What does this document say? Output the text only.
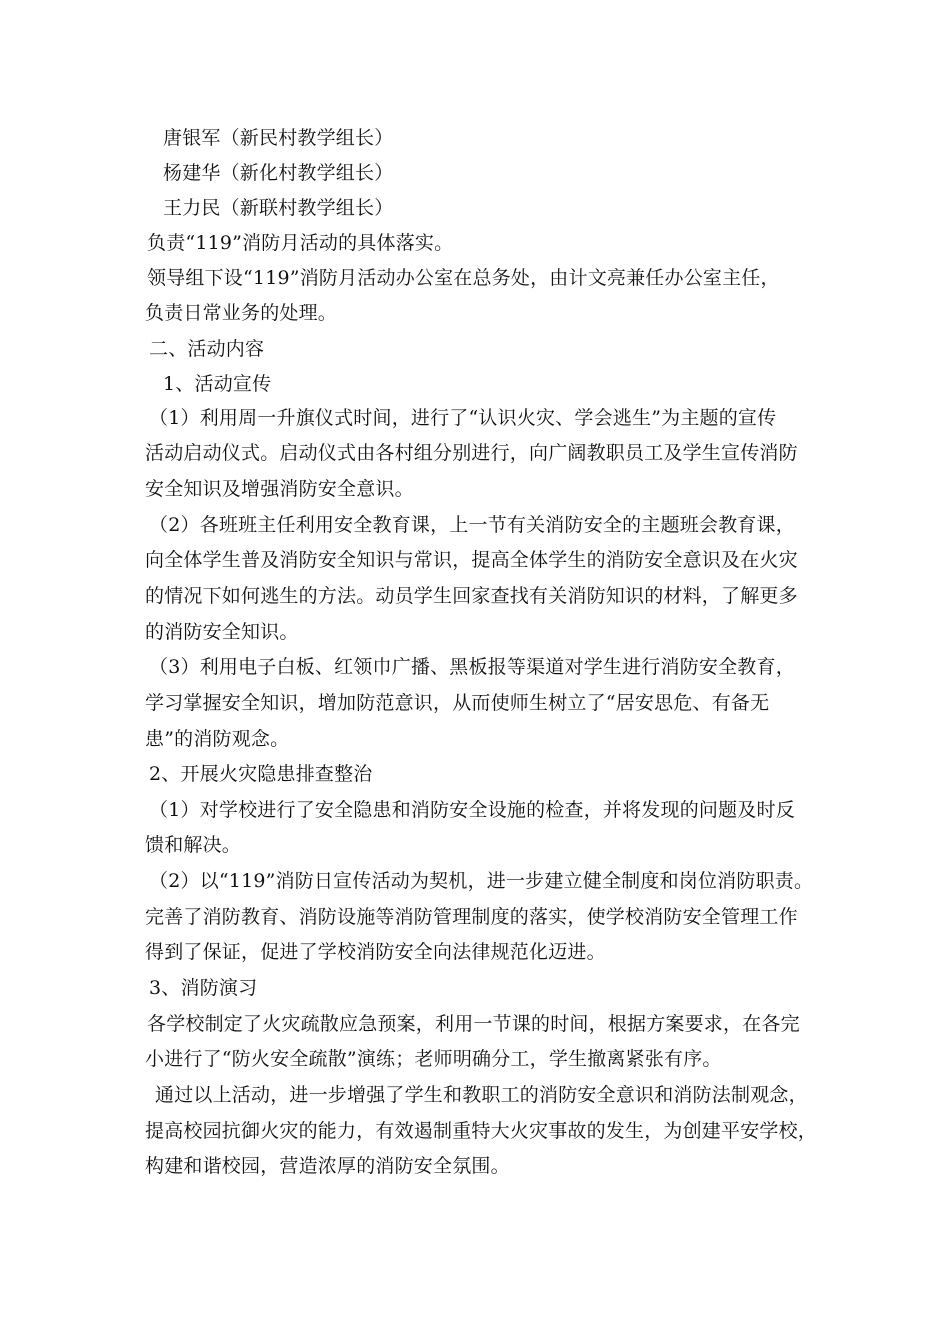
唐银军（新民村教学组长）
杨建华（新化村教学组长）
王力民（新联村教学组长）
负责“119”消防月活动的具体落实。
领导组下设“119”消防月活动办公室在总务处，由计文亮兼任办公室主任，
负责日常业务的处理。
二、活动内容
1、活动宣传
（1）利用周一升旗仪式时间，进行了“认识火灾、学会逃生”为主题的宣传
活动启动仪式。启动仪式由各村组分别进行，向广阔教职员工及学生宣传消防
安全知识及增强消防安全意识。
（2）各班班主任利用安全教育课，上一节有关消防安全的主题班会教育课，
向全体学生普及消防安全知识与常识，提高全体学生的消防安全意识及在火灾
的情况下如何逃生的方法。动员学生回家查找有关消防知识的材料，了解更多
的消防安全知识。
（3）利用电子白板、红领巾广播、黑板报等渠道对学生进行消防安全教育，
学习掌握安全知识，增加防范意识，从而使师生树立了“居安思危、有备无
患”的消防观念。
2、开展火灾隐患排查整治
（1）对学校进行了安全隐患和消防安全设施的检查，并将发现的问题及时反
馈和解决。
（2）以“119”消防日宣传活动为契机，进一步建立健全制度和岗位消防职责。
完善了消防教育、消防设施等消防管理制度的落实，使学校消防安全管理工作
得到了保证，促进了学校消防安全向法律规范化迈进。
3、消防演习
各学校制定了火灾疏散应急预案，利用一节课的时间，根据方案要求，在各完
小进行了“防火安全疏散”演练；老师明确分工，学生撤离紧张有序。
通过以上活动，进一步增强了学生和教职工的消防安全意识和消防法制观念，
提高校园抗御火灾的能力，有效遏制重特大火灾事故的发生，为创建平安学校，
构建和谐校园，营造浓厚的消防安全氛围。
